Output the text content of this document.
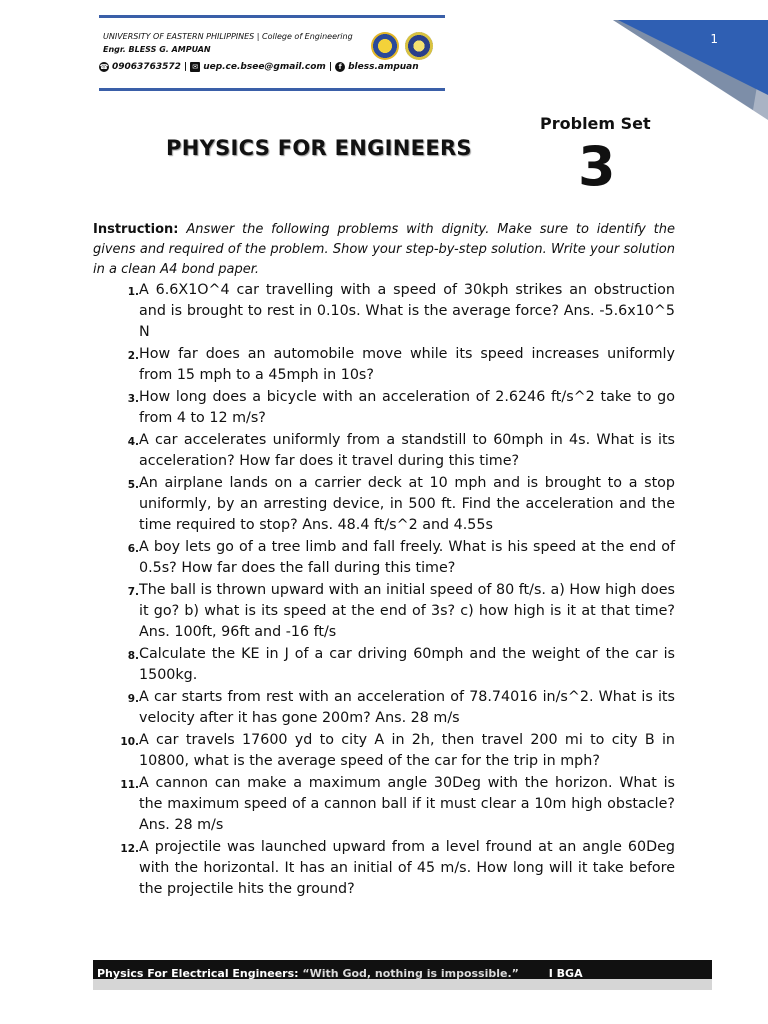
1
UNIVERSITY OF EASTERN PHILIPPINES | College of Engineering
Engr. BLESS G. AMPUAN
☎ 09063763572 | ✉ uep.ce.bsee@gmail.com | f bless.ampuan
PHYSICS FOR ENGINEERS
Problem Set
3
Instruction: Answer the following problems with dignity. Make sure to identify the givens and required of the problem. Show your step-by-step solution. Write your solution in a clean A4 bond paper.
1. A 6.6X1O^4 car travelling with a speed of 30kph strikes an obstruction and is brought to rest in 0.10s. What is the average force? Ans. -5.6x10^5 N
2. How far does an automobile move while its speed increases uniformly from 15 mph to a 45mph in 10s?
3. How long does a bicycle with an acceleration of 2.6246 ft/s^2 take to go from 4 to 12 m/s?
4. A car accelerates uniformly from a standstill to 60mph in 4s. What is its acceleration? How far does it travel during this time?
5. An airplane lands on a carrier deck at 10 mph and is brought to a stop uniformly, by an arresting device, in 500 ft. Find the acceleration and the time required to stop? Ans. 48.4 ft/s^2 and 4.55s
6. A boy lets go of a tree limb and fall freely. What is his speed at the end of 0.5s? How far does the fall during this time?
7. The ball is thrown upward with an initial speed of 80 ft/s. a) How high does it go? b) what is its speed at the end of 3s? c) how high is it at that time? Ans. 100ft, 96ft and -16 ft/s
8. Calculate the KE in J of a car driving 60mph and the weight of the car is 1500kg.
9. A car starts from rest with an acceleration of 78.74016 in/s^2. What is its velocity after it has gone 200m? Ans. 28 m/s
10. A car travels 17600 yd to city A in 2h, then travel 200 mi to city B in 10800, what is the average speed of the car for the trip in mph?
11. A cannon can make a maximum angle 30Deg with the horizon. What is the maximum speed of a cannon ball if it must clear a 10m high obstacle? Ans. 28 m/s
12. A projectile was launched upward from a level fround at an angle 60Deg with the horizontal. It has an initial of 45 m/s. How long will it take before the projectile hits the ground?
Physics For Electrical Engineers: “With God, nothing is impossible.”	I BGA
